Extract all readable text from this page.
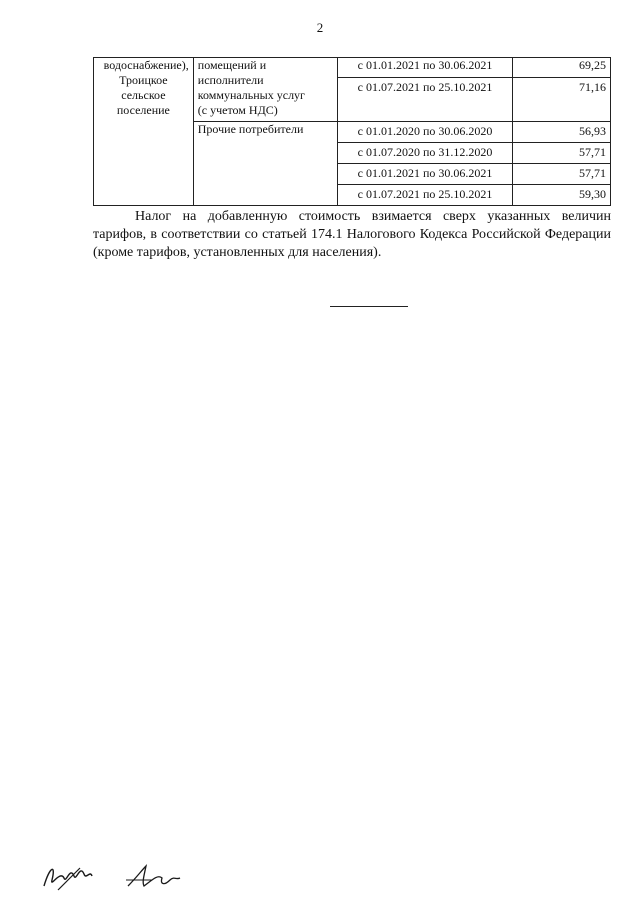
2
водоснабжение),
Троицкое
сельское
поселение	помещений и
исполнители
коммунальных услуг
(с учетом НДС)	с 01.01.2021 по 30.06.2021	69,25
		с 01.07.2021 по 25.10.2021	71,16
	Прочие потребители	с 01.01.2020 по 30.06.2020	56,93
		с 01.07.2020 по 31.12.2020	57,71
		с 01.01.2021 по 30.06.2021	57,71
		с 01.07.2021 по 25.10.2021	59,30
Налог на добавленную стоимость взимается сверх указанных величин тарифов, в соответствии со статьей 174.1 Налогового Кодекса Российской Федерации (кроме тарифов, установленных для населения).
